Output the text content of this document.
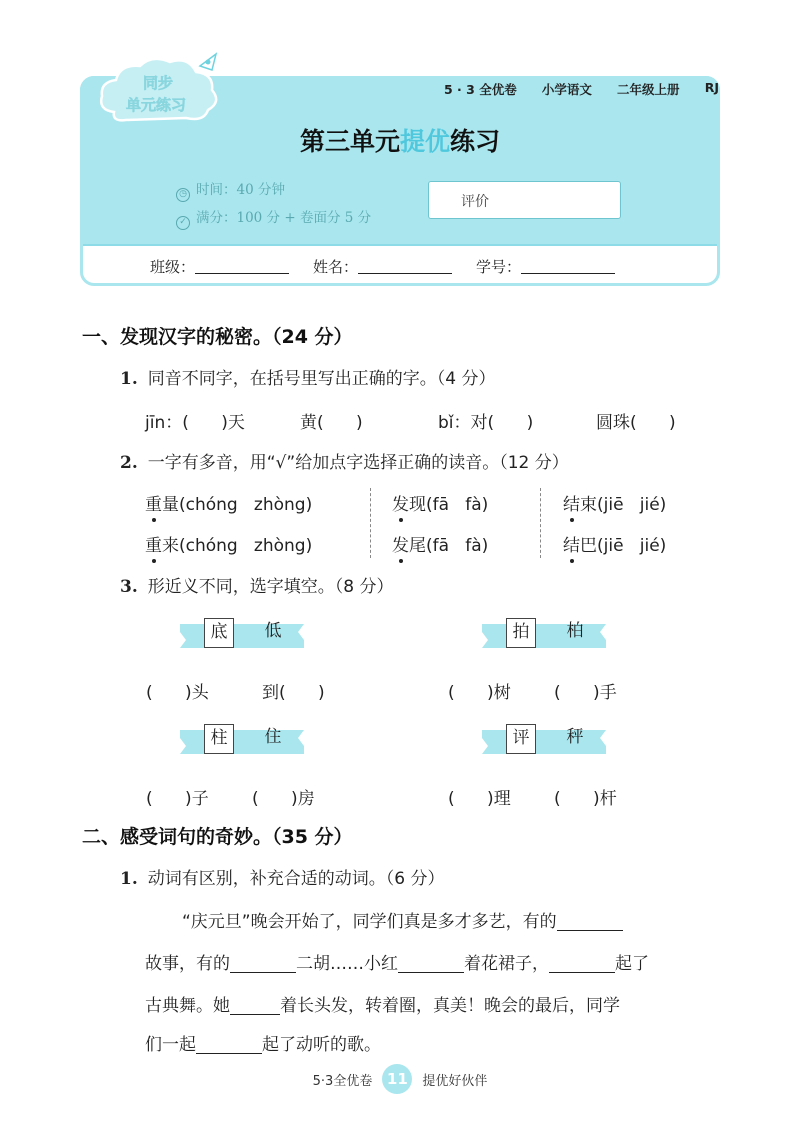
同步
单元练习
5 · 3 全优卷 小学语文 二年级上册 RJ
第三单元提优练习
◷ 时间：40 分钟
✓ 满分：100 分 + 卷面分 5 分
评价
班级：	姓名：	学号：
一、发现汉字的秘密。（24 分）
1. 同音不同字，在括号里写出正确的字。（4 分）
jīn：(      )天	黄(      )	bǐ：对(      )	圆珠(      )
2. 一字有多音，用“√”给加点字选择正确的读音。（12 分）
重量(chóng   zhòng)	发现(fā   fà)	结束(jiē   jié)
重来(chóng   zhòng)	发尾(fā   fà)	结巴(jiē   jié)
3. 形近义不同，选字填空。（8 分）
底	低	拍	柏
(      )头	到(      )	(      )树	(      )手
柱	住	评	秤
(      )子	(      )房	(      )理	(      )杆
二、感受词句的奇妙。（35 分）
1. 动词有区别，补充合适的动词。（6 分）
“庆元旦”晚会开始了，同学们真是多才多艺，有的
故事，有的	二胡……小红	着花裙子，	起了
古典舞。她	着长头发，转着圈，真美！晚会的最后，同学
们一起	起了动听的歌。
5·3全优卷 11	提优好伙伴
